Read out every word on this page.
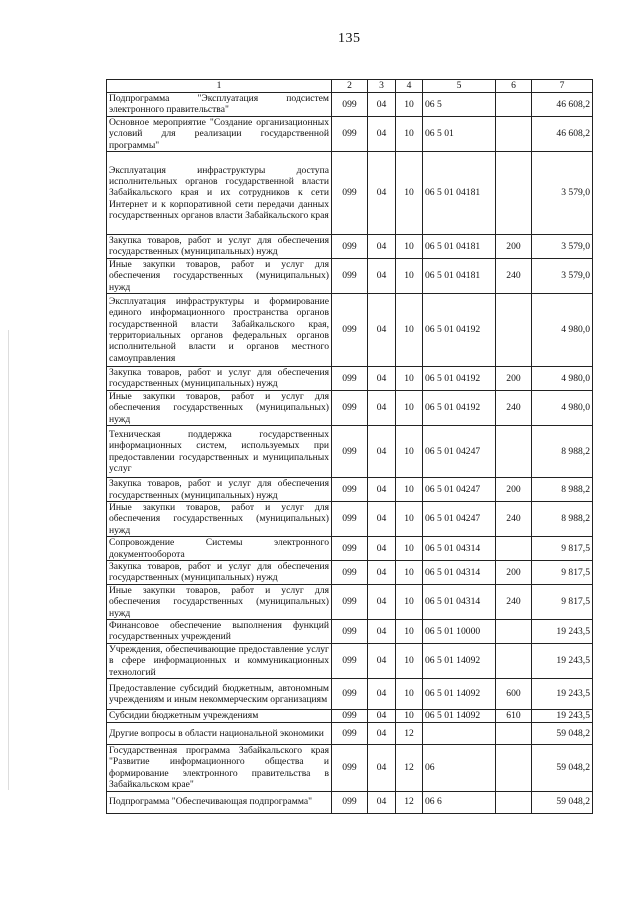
135
1	2	3	4	5	6	7
Подпрограмма "Эксплуатация подсистем электронного правительства"	099	04	10	06 5		46 608,2
Основное мероприятие "Создание организационных условий для реализации государственной программы"	099	04	10	06 5 01		46 608,2
Эксплуатация инфраструктуры доступа исполнительных органов государственной власти Забайкальского края и их сотрудников к сети Интернет и к корпоративной сети передачи данных государственных органов власти Забайкальского края	099	04	10	06 5 01 04181		3 579,0
Закупка товаров, работ и услуг для обеспечения государственных (муниципальных) нужд	099	04	10	06 5 01 04181	200	3 579,0
Иные закупки товаров, работ и услуг для обеспечения государственных (муниципальных) нужд	099	04	10	06 5 01 04181	240	3 579,0
Эксплуатация инфраструктуры и формирование единого информационного пространства органов государственной власти Забайкальского края, территориальных органов федеральных органов исполнительной власти и органов местного самоуправления	099	04	10	06 5 01 04192		4 980,0
Закупка товаров, работ и услуг для обеспечения государственных (муниципальных) нужд	099	04	10	06 5 01 04192	200	4 980,0
Иные закупки товаров, работ и услуг для обеспечения государственных (муниципальных) нужд	099	04	10	06 5 01 04192	240	4 980,0
Техническая поддержка государственных информационных систем, используемых при предоставлении государственных и муниципальных услуг	099	04	10	06 5 01 04247		8 988,2
Закупка товаров, работ и услуг для обеспечения государственных (муниципальных) нужд	099	04	10	06 5 01 04247	200	8 988,2
Иные закупки товаров, работ и услуг для обеспечения государственных (муниципальных) нужд	099	04	10	06 5 01 04247	240	8 988,2
Сопровождение Системы электронного документооборота	099	04	10	06 5 01 04314		9 817,5
Закупка товаров, работ и услуг для обеспечения государственных (муниципальных) нужд	099	04	10	06 5 01 04314	200	9 817,5
Иные закупки товаров, работ и услуг для обеспечения государственных (муниципальных) нужд	099	04	10	06 5 01 04314	240	9 817,5
Финансовое обеспечение выполнения функций государственных учреждений	099	04	10	06 5 01 10000		19 243,5
Учреждения, обеспечивающие предоставление услуг в сфере информационных и коммуникационных технологий	099	04	10	06 5 01 14092		19 243,5
Предоставление субсидий бюджетным, автономным учреждениям и иным некоммерческим организациям	099	04	10	06 5 01 14092	600	19 243,5
Субсидии бюджетным учреждениям	099	04	10	06 5 01 14092	610	19 243,5
Другие вопросы в области национальной экономики	099	04	12			59 048,2
Государственная программа Забайкальского края "Развитие информационного общества и формирование электронного правительства в Забайкальском крае"	099	04	12	06		59 048,2
Подпрограмма "Обеспечивающая подпрограмма"	099	04	12	06 6		59 048,2
